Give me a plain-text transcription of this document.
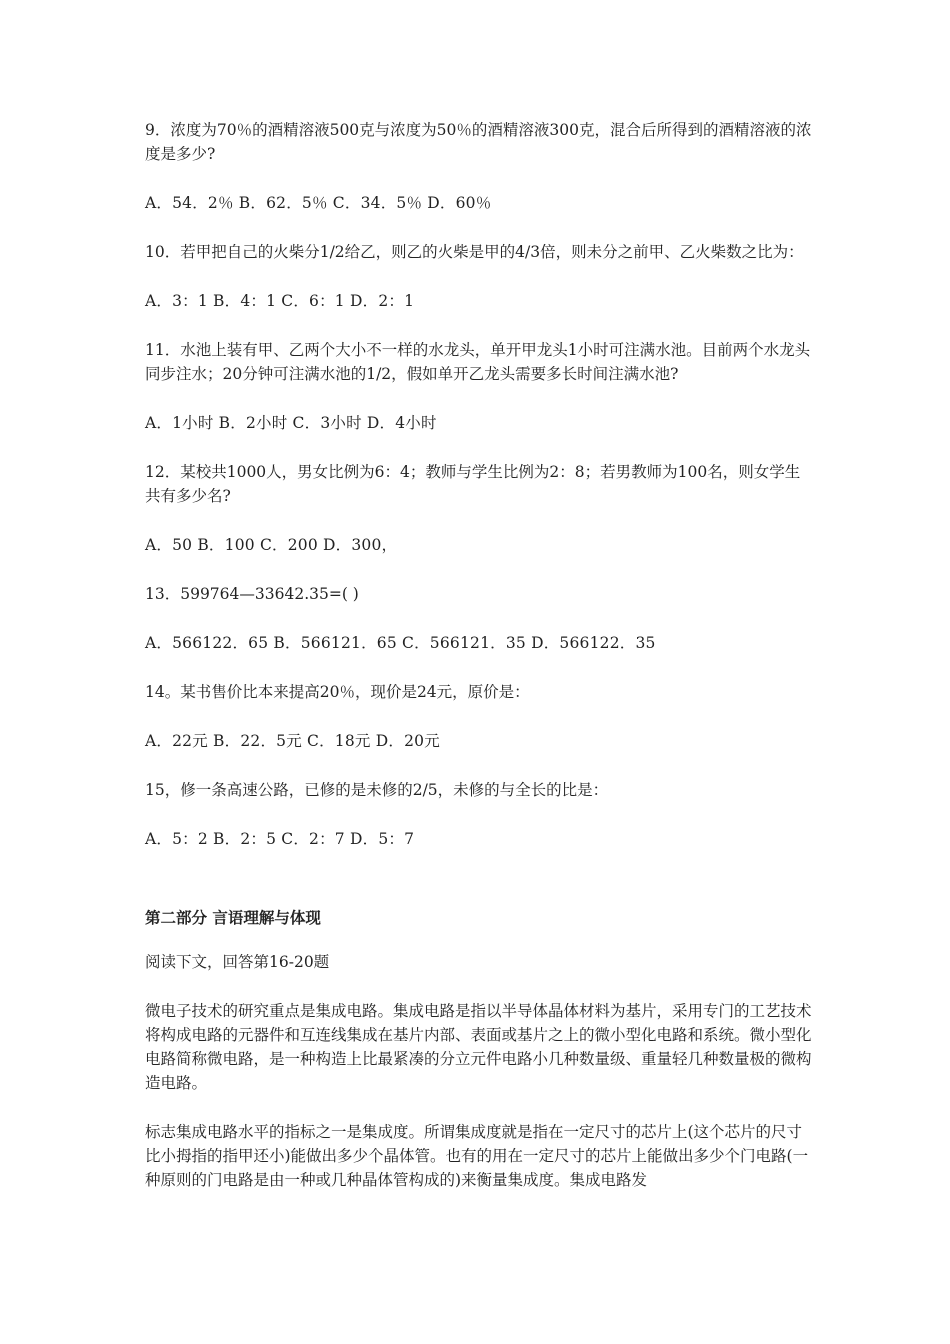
9．浓度为70％的酒精溶液500克与浓度为50％的酒精溶液300克，混合后所得到的酒精溶液的浓度是多少?

A．54．2％ B．62．5％ C．34．5％ D．60％

10．若甲把自己的火柴分1/2给乙，则乙的火柴是甲的4/3倍，则未分之前甲、乙火柴数之比为：

A．3：1 B．4：1 C．6：1 D．2：1

11．水池上装有甲、乙两个大小不一样的水龙头，单开甲龙头1小时可注满水池。目前两个水龙头同步注水；20分钟可注满水池的1/2，假如单开乙龙头需要多长时间注满水池?

A．1小时 B．2小时 C．3小时 D．4小时

12．某校共1000人，男女比例为6：4；教师与学生比例为2：8；若男教师为100名，则女学生共有多少名?

A．50 B．100 C．200 D．300，

13．599764—33642.35=( )

A．566122．65 B．566121．65 C．566121．35 D．566122．35

14。某书售价比本来提高20％，现价是24元，原价是：

A．22元 B．22．5元 C．18元 D．20元

15，修一条高速公路，已修的是未修的2/5，未修的与全长的比是：

A．5：2 B．2：5 C．2：7 D．5：7

第二部分 言语理解与体现

阅读下文，回答第16-20题

微电子技术的研究重点是集成电路。集成电路是指以半导体晶体材料为基片，采用专门的工艺技术将构成电路的元器件和互连线集成在基片内部、表面或基片之上的微小型化电路和系统。微小型化电路简称微电路，是一种构造上比最紧凑的分立元件电路小几种数量级、重量轻几种数量极的微构造电路。

标志集成电路水平的指标之一是集成度。所谓集成度就是指在一定尺寸的芯片上(这个芯片的尺寸比小拇指的指甲还小)能做出多少个晶体管。也有的用在一定尺寸的芯片上能做出多少个门电路(一种原则的门电路是由一种或几种晶体管构成的)来衡量集成度。集成电路发
